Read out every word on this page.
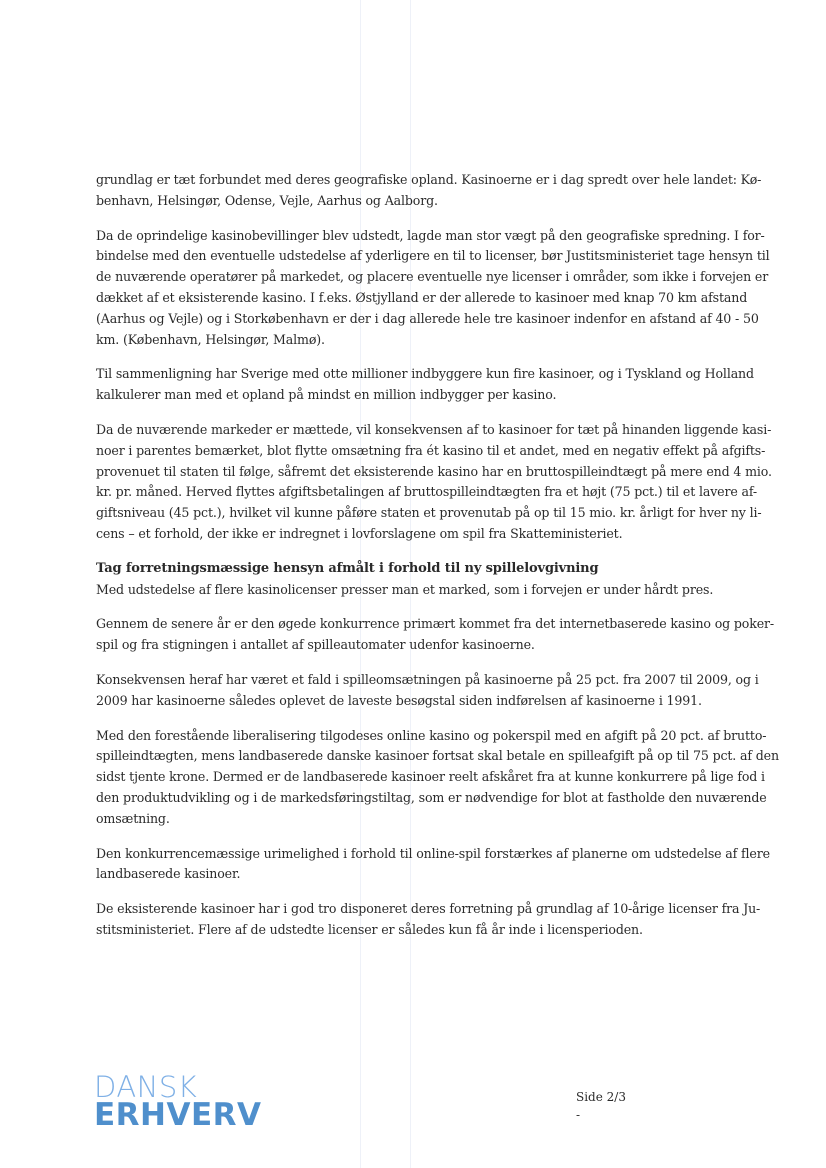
grundlag er tæt forbundet med deres geografiske opland. Kasinoerne er i dag spredt over hele landet: Kø-
benhavn, Helsingør, Odense, Vejle, Aarhus og Aalborg.
Da de oprindelige kasinobevillinger blev udstedt, lagde man stor vægt på den geografiske spredning. I for-
bindelse med den eventuelle udstedelse af yderligere en til to licenser, bør Justitsministeriet tage hensyn til
de nuværende operatører på markedet, og placere eventuelle nye licenser i områder, som ikke i forvejen er
dækket af et eksisterende kasino. I f.eks. Østjylland er der allerede to kasinoer med knap 70 km afstand
(Aarhus og Vejle) og i Storkøbenhavn er der i dag allerede hele tre kasinoer indenfor en afstand af 40 - 50
km. (København, Helsingør, Malmø).
Til sammenligning har Sverige med otte millioner indbyggere kun fire kasinoer, og i Tyskland og Holland
kalkulerer man med et opland på mindst en million indbygger per kasino.
Da de nuværende markeder er mættede, vil konsekvensen af to kasinoer for tæt på hinanden liggende kasi-
noer i parentes bemærket, blot flytte omsætning fra ét kasino til et andet, med en negativ effekt på afgifts-
provenuet til staten til følge, såfremt det eksisterende kasino har en bruttospilleindtægt på mere end 4 mio.
kr. pr. måned. Herved flyttes afgiftsbetalingen af bruttospilleindtægten fra et højt (75 pct.) til et lavere af-
giftsniveau (45 pct.), hvilket vil kunne påføre staten et provenutab på op til 15 mio. kr. årligt for hver ny li-
cens – et forhold, der ikke er indregnet i lovforslagene om spil fra Skatteministeriet.
Tag forretningsmæssige hensyn afmålt i forhold til ny spillelovgivning
Med udstedelse af flere kasinolicenser presser man et marked, som i forvejen er under hårdt pres.
Gennem de senere år er den øgede konkurrence primært kommet fra det internetbaserede kasino og poker-
spil og fra stigningen i antallet af spilleautomater udenfor kasinoerne.
Konsekvensen heraf har været et fald i spilleomsætningen på kasinoerne på 25 pct. fra 2007 til 2009, og i
2009 har kasinoerne således oplevet de laveste besøgstal siden indførelsen af kasinoerne i 1991.
Med den forestående liberalisering tilgodeses online kasino og pokerspil med en afgift på 20 pct. af brutto-
spilleindtægten, mens landbaserede danske kasinoer fortsat skal betale en spilleafgift på op til 75 pct. af den
sidst tjente krone. Dermed er de landbaserede kasinoer reelt afskåret fra at kunne konkurrere på lige fod i
den produktudvikling og i de markedsføringstiltag, som er nødvendige for blot at fastholde den nuværende
omsætning.
Den konkurrencemæssige urimelighed i forhold til online-spil forstærkes af planerne om udstedelse af flere
landbaserede kasinoer.
De eksisterende kasinoer har i god tro disponeret deres forretning på grundlag af 10-årige licenser fra Ju-
stitsministeriet. Flere af de udstedte licenser er således kun få år inde i licensperioden.
DANSK
ERHVERV	Side 2/3
-
